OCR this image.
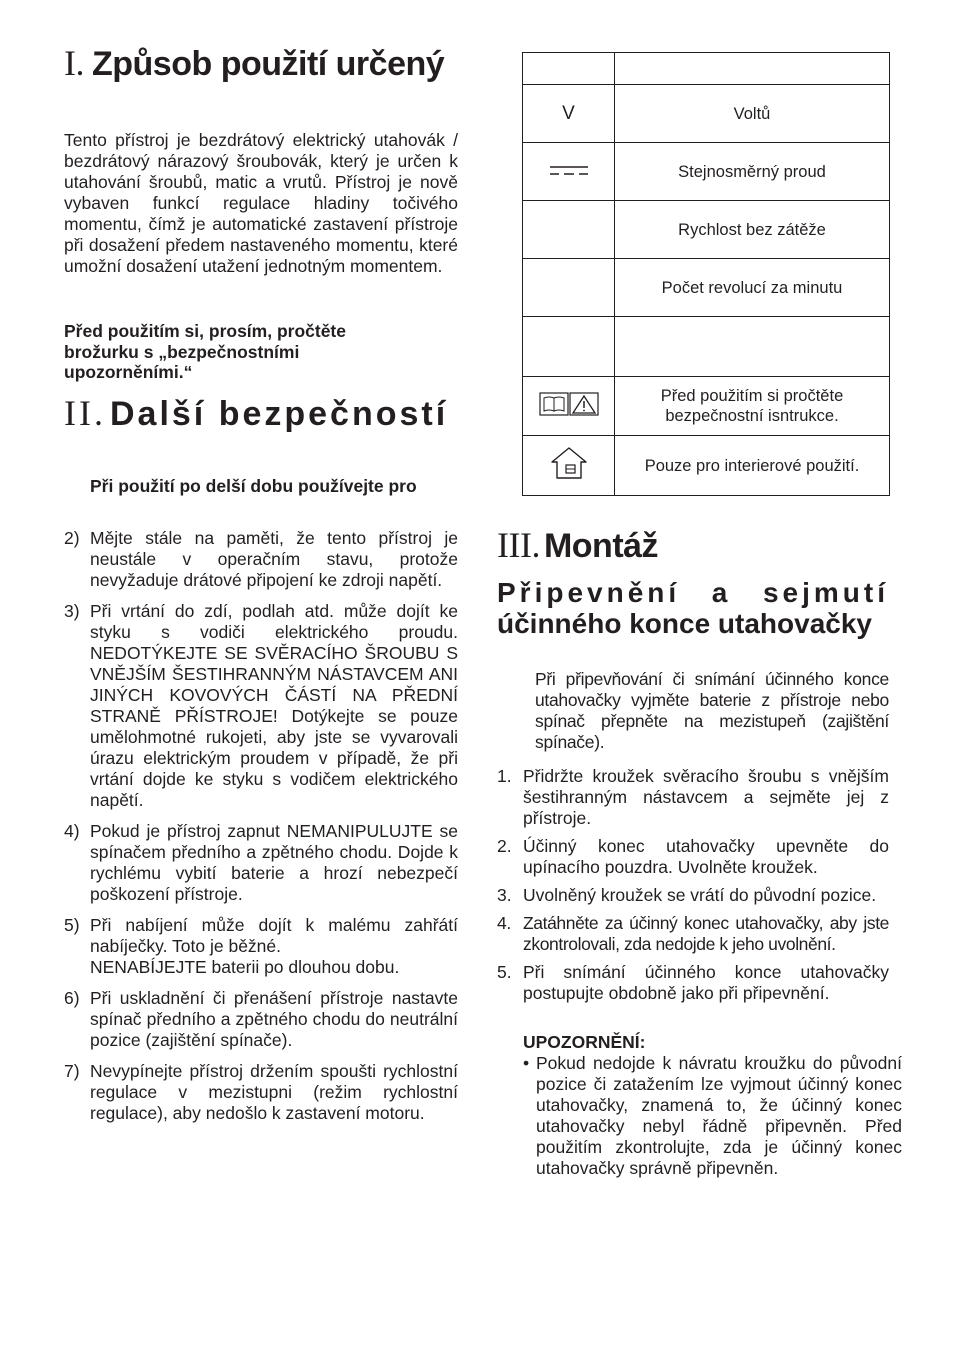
I. Způsob použití určený
Tento přístroj je bezdrátový elektrický utahovák / bezdrátový nárazový šroubovák, který je určen k utahování šroubů, matic a vrutů. Přístroj je nově vybaven funkcí regulace hladiny točivého momentu, čímž je automatické zastavení přístroje při dosažení předem nastaveného momentu, které umožní dosažení utažení jednotným momentem.
Před použitím si, prosím, pročtěte brožurku s „bezpečnostními upozorněními.“
II. Další bezpečností
Při použití po delší dobu používejte pro
2) Mějte stále na paměti, že tento přístroj je neustále v operačním stavu, protože nevyžaduje drátové připojení ke zdroji napětí.
3) Při vrtání do zdí, podlah atd. může dojít ke styku s vodiči elektrického proudu. NEDOTÝKEJTE SE SVĚRACÍHO ŠROUBU S VNĚJŠÍM ŠESTIHRANNÝM NÁSTAVCEM ANI JINÝCH KOVOVÝCH ČÁSTÍ NA PŘEDNÍ STRANĚ PŘÍSTROJE! Dotýkejte se pouze umělohmotné rukojeti, aby jste se vyvarovali úrazu elektrickým proudem v případě, že při vrtání dojde ke styku s vodičem elektrického napětí.
4) Pokud je přístroj zapnut NEMANIPULUJTE se spínačem předního a zpětného chodu. Dojde k rychlému vybití baterie a hrozí nebezpečí poškození přístroje.
5) Při nabíjení může dojít k malému zahřátí nabíječky. Toto je běžné.
NENABÍJEJTE baterii po dlouhou dobu.
6) Při uskladnění či přenášení přístroje nastavte spínač předního a zpětného chodu do neutrální pozice (zajištění spínače).
7) Nevypínejte přístroj držením spoušti rychlostní regulace v mezistupni (režim rychlostní regulace), aby nedošlo k zastavení motoru.

V	Voltů
	Stejnosměrný proud
	Rychlost bez zátěže
	Počet revolucí za minutu

	Před použitím si pročtěte bezpečnostní isntrukce.
	Pouze pro interierové použití.
III. Montáž
Připevnění a sejmutí
účinného konce utahovačky
Při připevňování či snímání účinného konce utahovačky vyjměte baterie z přístroje nebo spínač přepněte na mezistupeň (zajištění spínače).
1. Přidržte kroužek svěracího šroubu s vnějším šestihranným nástavcem a sejměte jej z přístroje.
2. Účinný konec utahovačky upevněte do upínacího pouzdra. Uvolněte kroužek.
3. Uvolněný kroužek se vrátí do původní pozice.
4. Zatáhněte za účinný konec utahovačky, aby jste zkontrolovali, zda nedojde k jeho uvolnění.
5. Při snímání účinného konce utahovačky postupujte obdobně jako při připevnění.
UPOZORNĚNÍ:
• Pokud nedojde k návratu kroužku do původní pozice či zatažením lze vyjmout účinný konec utahovačky, znamená to, že účinný konec utahovačky nebyl řádně připevněn. Před použitím zkontrolujte, zda je účinný konec utahovačky správně připevněn.
